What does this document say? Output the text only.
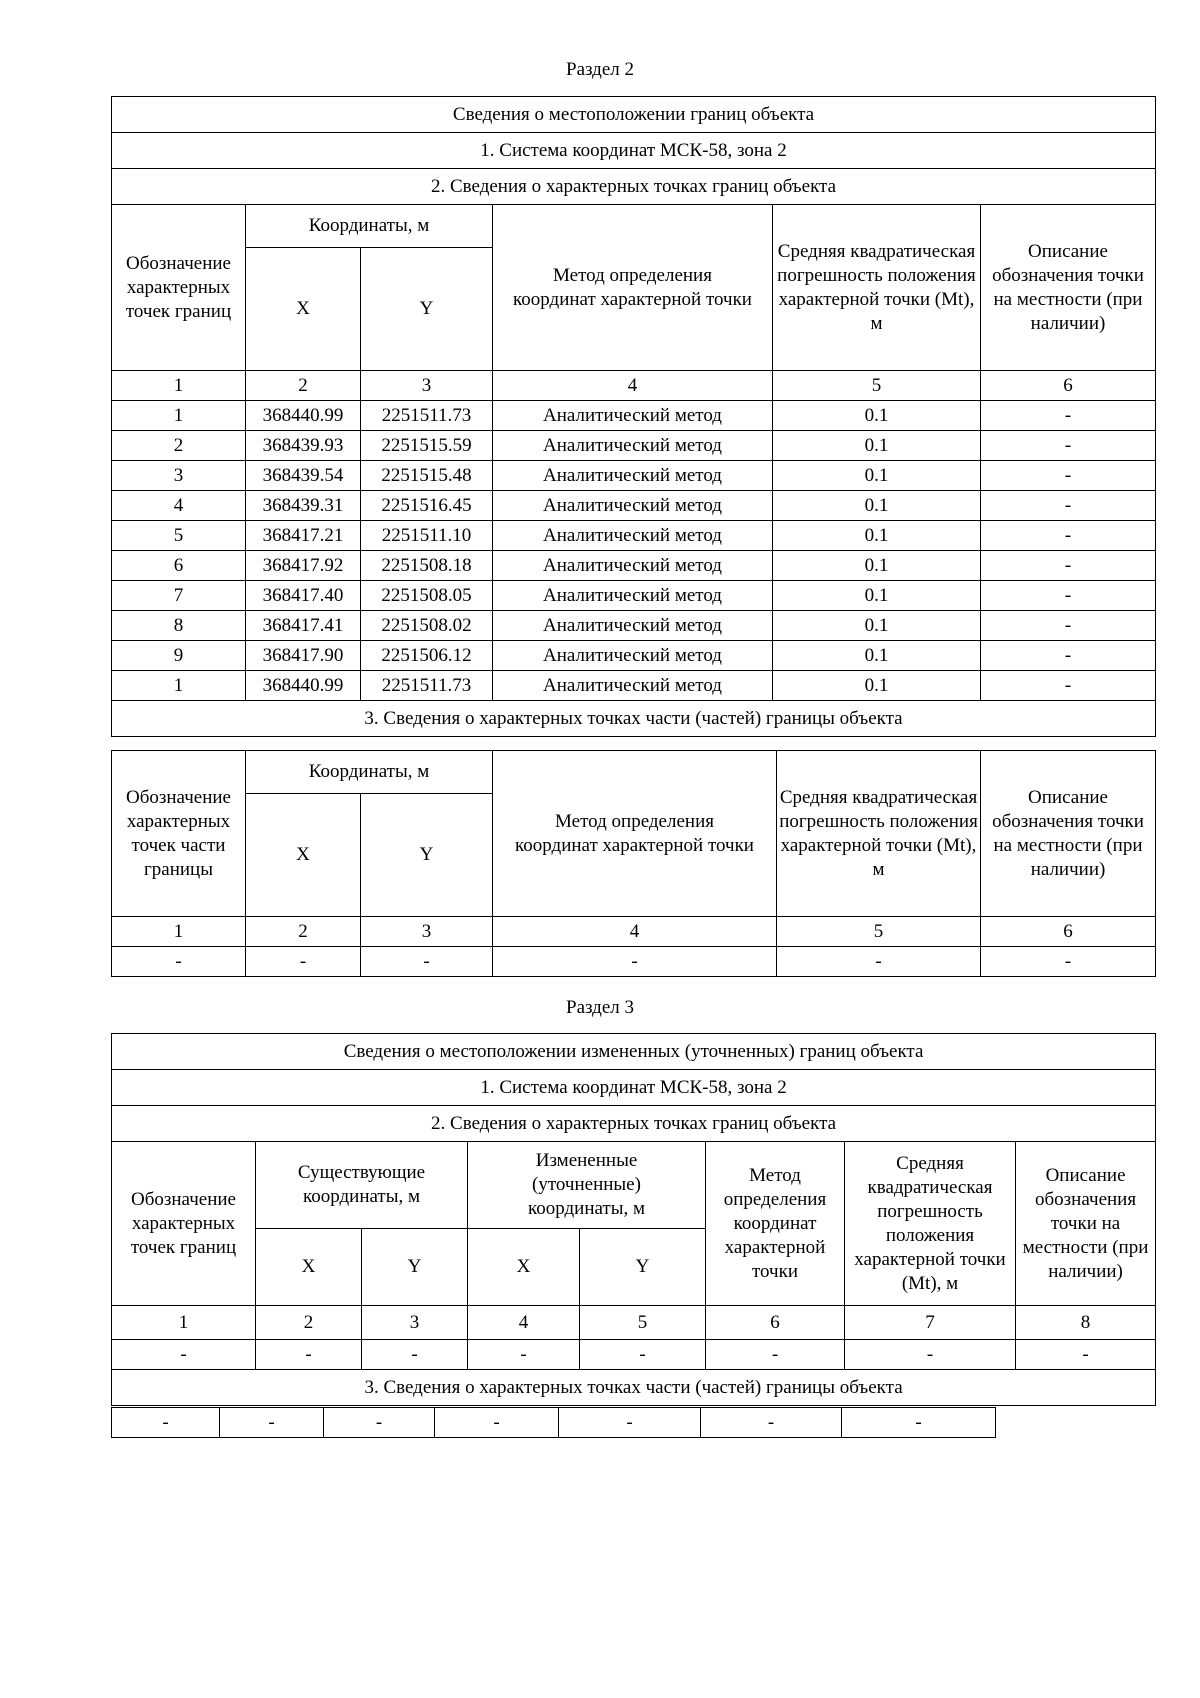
Раздел 2
Сведения о местоположении границ объекта					
1. Система координат МСК-58, зона 2					
2. Сведения о характерных точках границ объекта					
Обозначение характерных точек границ	Координаты, м		Метод определения координат характерной точки	Средняя квадратическая погрешность положения характерной точки (Mt), м	Описание обозначения точки на местности (при наличии)
	X	Y			
1	2	3	4	5	6
1	368440.99	2251511.73	Аналитический метод	0.1	-
2	368439.93	2251515.59	Аналитический метод	0.1	-
3	368439.54	2251515.48	Аналитический метод	0.1	-
4	368439.31	2251516.45	Аналитический метод	0.1	-
5	368417.21	2251511.10	Аналитический метод	0.1	-
6	368417.92	2251508.18	Аналитический метод	0.1	-
7	368417.40	2251508.05	Аналитический метод	0.1	-
8	368417.41	2251508.02	Аналитический метод	0.1	-
9	368417.90	2251506.12	Аналитический метод	0.1	-
1	368440.99	2251511.73	Аналитический метод	0.1	-
3. Сведения о характерных точках части (частей) границы объекта					
Обозначение характерных точек части границы	Координаты, м		Метод определения координат характерной точки	Средняя квадратическая погрешность положения характерной точки (Mt), м	Описание обозначения точки на местности (при наличии)
	X	Y			
1	2	3	4	5	6
-	-	-	-	-	-
Раздел 3
Сведения о местоположении измененных (уточненных) границ объекта							
1. Система координат МСК-58, зона 2							
2. Сведения о характерных точках границ объекта							
Обозначение характерных точек границ	Существующие координаты, м		Измененные (уточненные) координаты, м		Метод определения координат характерной точки	Средняя квадратическая погрешность положения характерной точки (Mt), м	Описание обозначения точки на местности (при наличии)
	X	Y	X	Y			
1	2	3	4	5	6	7	8
-	-	-	-	-	-	-	-
3. Сведения о характерных точках части (частей) границы объекта							
-	-	-	-	-	-	-	
